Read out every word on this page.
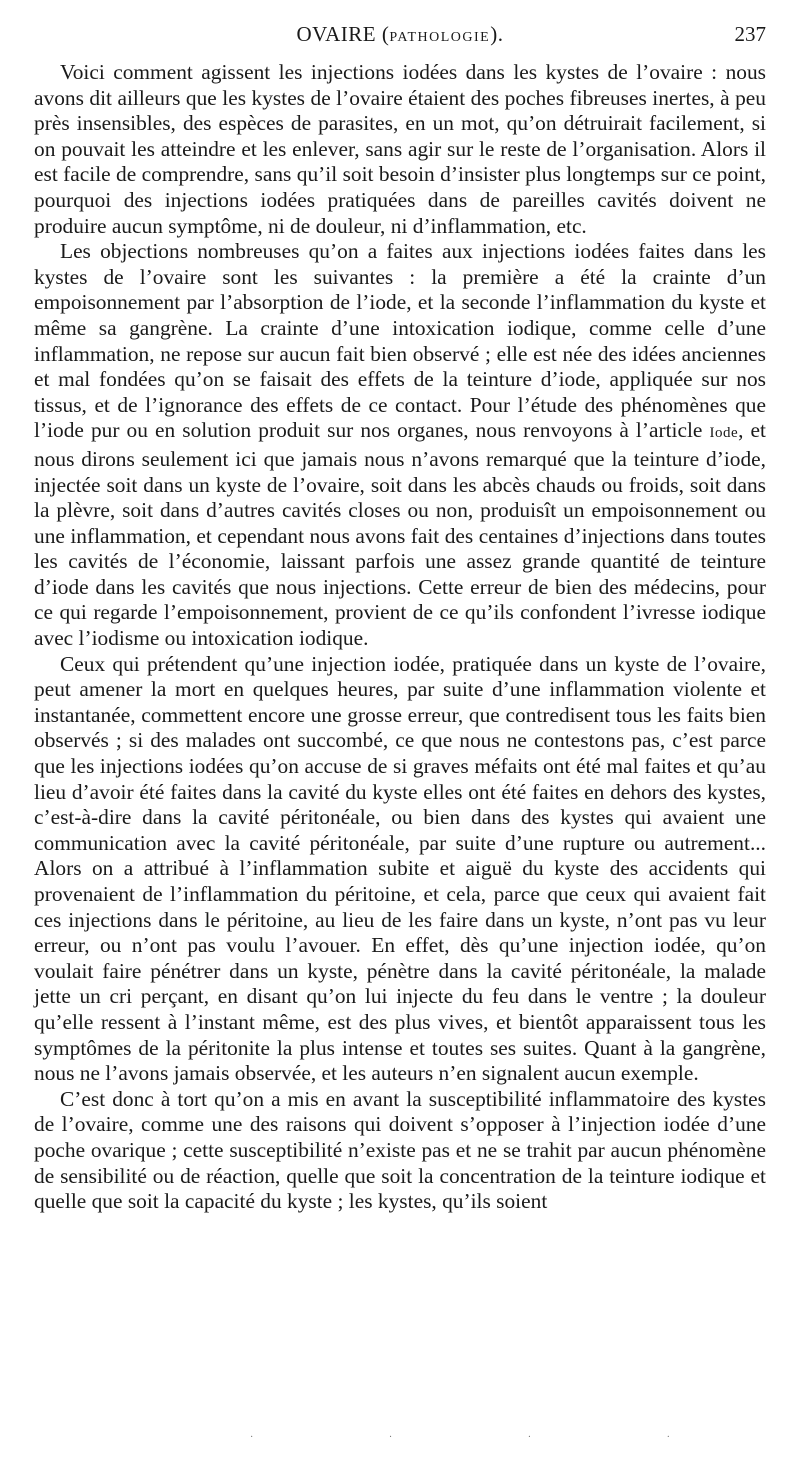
OVAIRE (PATHOLOGIE).	237

Voici comment agissent les injections iodées dans les kystes de l’ovaire : nous avons dit ailleurs que les kystes de l’ovaire étaient des poches fibreuses inertes, à peu près insensibles, des espèces de parasites, en un mot, qu’on détruirait facilement, si on pouvait les atteindre et les enlever, sans agir sur le reste de l’organisation. Alors il est facile de comprendre, sans qu’il soit besoin d’insister plus longtemps sur ce point, pourquoi des injections iodées pratiquées dans de pareilles cavités doivent ne produire aucun symptôme, ni de douleur, ni d’inflammation, etc.

Les objections nombreuses qu’on a faites aux injections iodées faites dans les kystes de l’ovaire sont les suivantes : la première a été la crainte d’un empoisonnement par l’absorption de l’iode, et la seconde l’inflammation du kyste et même sa gangrène. La crainte d’une intoxication iodique, comme celle d’une inflammation, ne repose sur aucun fait bien observé ; elle est née des idées anciennes et mal fondées qu’on se faisait des effets de la teinture d’iode, appliquée sur nos tissus, et de l’ignorance des effets de ce contact. Pour l’étude des phénomènes que l’iode pur ou en solution produit sur nos organes, nous renvoyons à l’article Iode, et nous dirons seulement ici que jamais nous n’avons remarqué que la teinture d’iode, injectée soit dans un kyste de l’ovaire, soit dans les abcès chauds ou froids, soit dans la plèvre, soit dans d’autres cavités closes ou non, produisît un empoisonnement ou une inflammation, et cependant nous avons fait des centaines d’injections dans toutes les cavités de l’économie, laissant parfois une assez grande quantité de teinture d’iode dans les cavités que nous injections. Cette erreur de bien des médecins, pour ce qui regarde l’empoisonnement, provient de ce qu’ils confondent l’ivresse iodique avec l’iodisme ou intoxication iodique.

Ceux qui prétendent qu’une injection iodée, pratiquée dans un kyste de l’ovaire, peut amener la mort en quelques heures, par suite d’une inflammation violente et instantanée, commettent encore une grosse erreur, que contredisent tous les faits bien observés ; si des malades ont succombé, ce que nous ne contestons pas, c’est parce que les injections iodées qu’on accuse de si graves méfaits ont été mal faites et qu’au lieu d’avoir été faites dans la cavité du kyste elles ont été faites en dehors des kystes, c’est-à-dire dans la cavité péritonéale, ou bien dans des kystes qui avaient une communication avec la cavité péritonéale, par suite d’une rupture ou autrement... Alors on a attribué à l’inflammation subite et aiguë du kyste des accidents qui provenaient de l’inflammation du péritoine, et cela, parce que ceux qui avaient fait ces injections dans le péritoine, au lieu de les faire dans un kyste, n’ont pas vu leur erreur, ou n’ont pas voulu l’avouer. En effet, dès qu’une injection iodée, qu’on voulait faire pénétrer dans un kyste, pénètre dans la cavité péritonéale, la malade jette un cri perçant, en disant qu’on lui injecte du feu dans le ventre ; la douleur qu’elle ressent à l’instant même, est des plus vives, et bientôt apparaissent tous les symptômes de la péritonite la plus intense et toutes ses suites. Quant à la gangrène, nous ne l’avons jamais observée, et les auteurs n’en signalent aucun exemple.

C’est donc à tort qu’on a mis en avant la susceptibilité inflammatoire des kystes de l’ovaire, comme une des raisons qui doivent s’opposer à l’injection iodée d’une poche ovarique ; cette susceptibilité n’existe pas et ne se trahit par aucun phénomène de sensibilité ou de réaction, quelle que soit la concentration de la teinture iodique et quelle que soit la capacité du kyste ; les kystes, qu’ils soient

·	·	·	·
